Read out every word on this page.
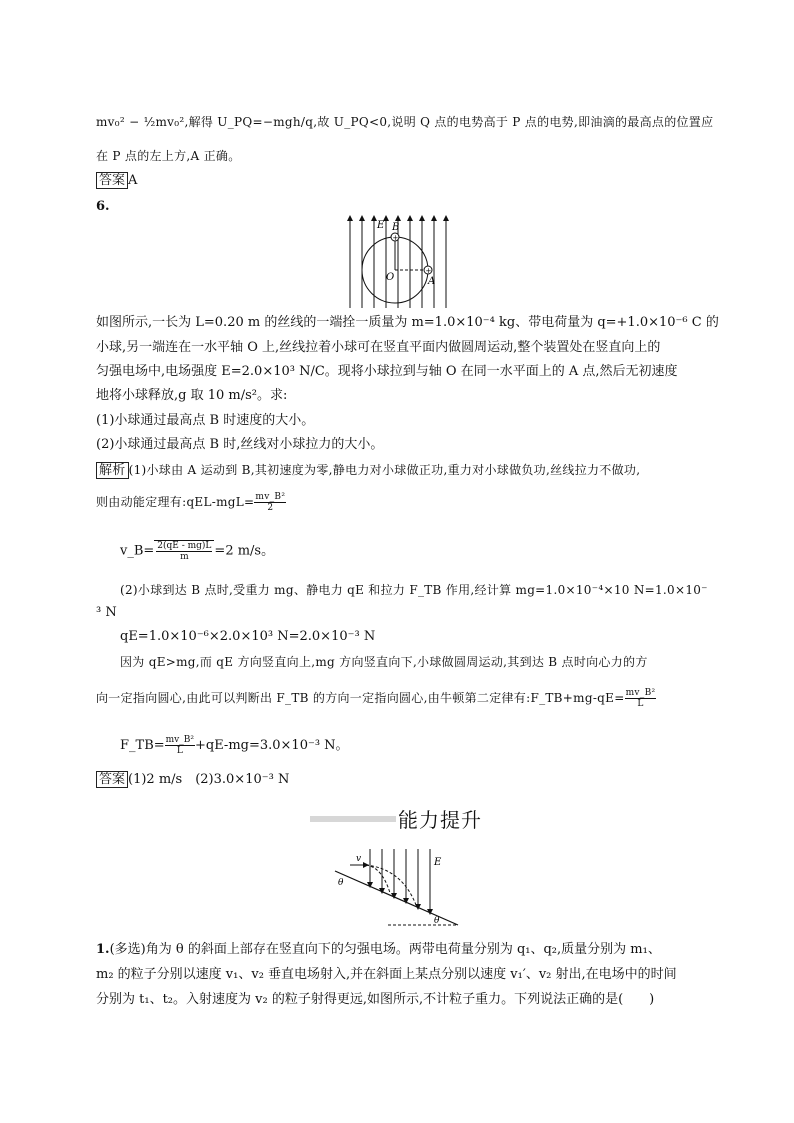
mv₀² − ½mv₀²,解得 U_PQ=−mgh/q,故 U_PQ<0,说明 Q 点的电势高于 P 点的电势,即油滴的最高点的位置应
在 P 点的左上方,A 正确。
答案 A
6.
+
+
E B
O	A
如图所示,一长为 L=0.20 m 的丝线的一端拴一质量为 m=1.0×10⁻⁴ kg、带电荷量为 q=+1.0×10⁻⁶ C 的
小球,另一端连在一水平轴 O 上,丝线拉着小球可在竖直平面内做圆周运动,整个装置处在竖直向上的
匀强电场中,电场强度 E=2.0×10³ N/C。现将小球拉到与轴 O 在同一水平面上的 A 点,然后无初速度
地将小球释放,g 取 10 m/s²。求:
(1)小球通过最高点 B 时速度的大小。
(2)小球通过最高点 B 时,丝线对小球拉力的大小。
解析 (1)小球由 A 运动到 B,其初速度为零,静电力对小球做正功,重力对小球做负功,丝线拉力不做功,
则由动能定理有:qEL-mgL= $\frac{\text{mv\_B²}}{2}$
v_B= $\frac{2(qE - mg)L}{m} =2$ m/s。
(2)小球到达 B 点时,受重力 mg、静电力 qE 和拉力 F_TB 作用,经计算 mg=1.0×10⁻⁴×10 N=1.0×10⁻
³ N
qE=1.0×10⁻⁶×2.0×10³ N=2.0×10⁻³ N
因为 qE>mg,而 qE 方向竖直向上,mg 方向竖直向下,小球做圆周运动,其到达 B 点时向心力的方
向一定指向圆心,由此可以判断出 F_TB 的方向一定指向圆心,由牛顿第二定律有:F_TB+mg-qE= $\frac{\text{mv\_B²}}{L}$
F_TB= $\frac{\text{mv\_B²}}{L} +qE-mg=3.0\times 10^{-3}$ N。
答案 (1)2 m/s　(2)3.0×10⁻³ N
能力提升
v	E
θ
θ
1.(多选)角为 θ 的斜面上部存在竖直向下的匀强电场。两带电荷量分别为 q₁、q₂,质量分别为 m₁、
m₂ 的粒子分别以速度 v₁、v₂ 垂直电场射入,并在斜面上某点分别以速度 v₁′、v₂ 射出,在电场中的时间
分别为 t₁、t₂。入射速度为 v₂ 的粒子射得更远,如图所示,不计粒子重力。下列说法正确的是(　　)
